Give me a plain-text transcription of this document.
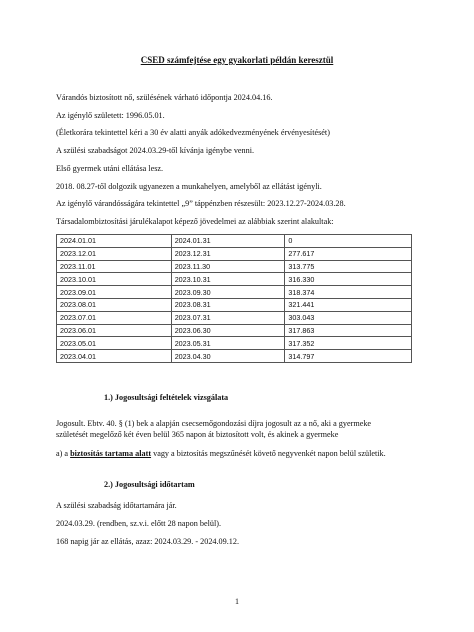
CSED számfejtése egy gyakorlati példán keresztül
Várandós biztosított nő, szülésének várható időpontja 2024.04.16.
Az igénylő született: 1996.05.01.
(Életkorára tekintettel kéri a 30 év alatti anyák adókedvezményének érvényesítését)
A szülési szabadságot 2024.03.29-től kívánja igénybe venni.
Első gyermek utáni ellátása lesz.
2018. 08.27-től dolgozik ugyanezen a munkahelyen, amelyből az ellátást igényli.
Az igénylő várandósságára tekintettel „9” táppénzben részesült: 2023.12.27-2024.03.28.
Társadalombiztosítási járulékalapot képező jövedelmei az alábbiak szerint alakultak:
2024.01.01	2024.01.31	0
2023.12.01	2023.12.31	277.617
2023.11.01	2023.11.30	313.775
2023.10.01	2023.10.31	316.330
2023.09.01	2023.09.30	318.374
2023.08.01	2023.08.31	321.441
2023.07.01	2023.07.31	303.043
2023.06.01	2023.06.30	317.863
2023.05.01	2023.05.31	317.352
2023.04.01	2023.04.30	314.797
1.) Jogosultsági feltételek vizsgálata
Jogosult. Ebtv. 40. § (1) bek a alapján csecsemőgondozási díjra jogosult az a nő, aki a gyermeke
születését megelőző két éven belül 365 napon át biztosított volt, és akinek a gyermeke
a) a biztosítás tartama alatt vagy a biztosítás megszűnését követő negyvenkét napon belül születik.
2.) Jogosultsági időtartam
A szülési szabadság időtartamára jár.
2024.03.29. (rendben, sz.v.i. előtt 28 napon belül).
168 napig jár az ellátás, azaz: 2024.03.29. - 2024.09.12.
1
